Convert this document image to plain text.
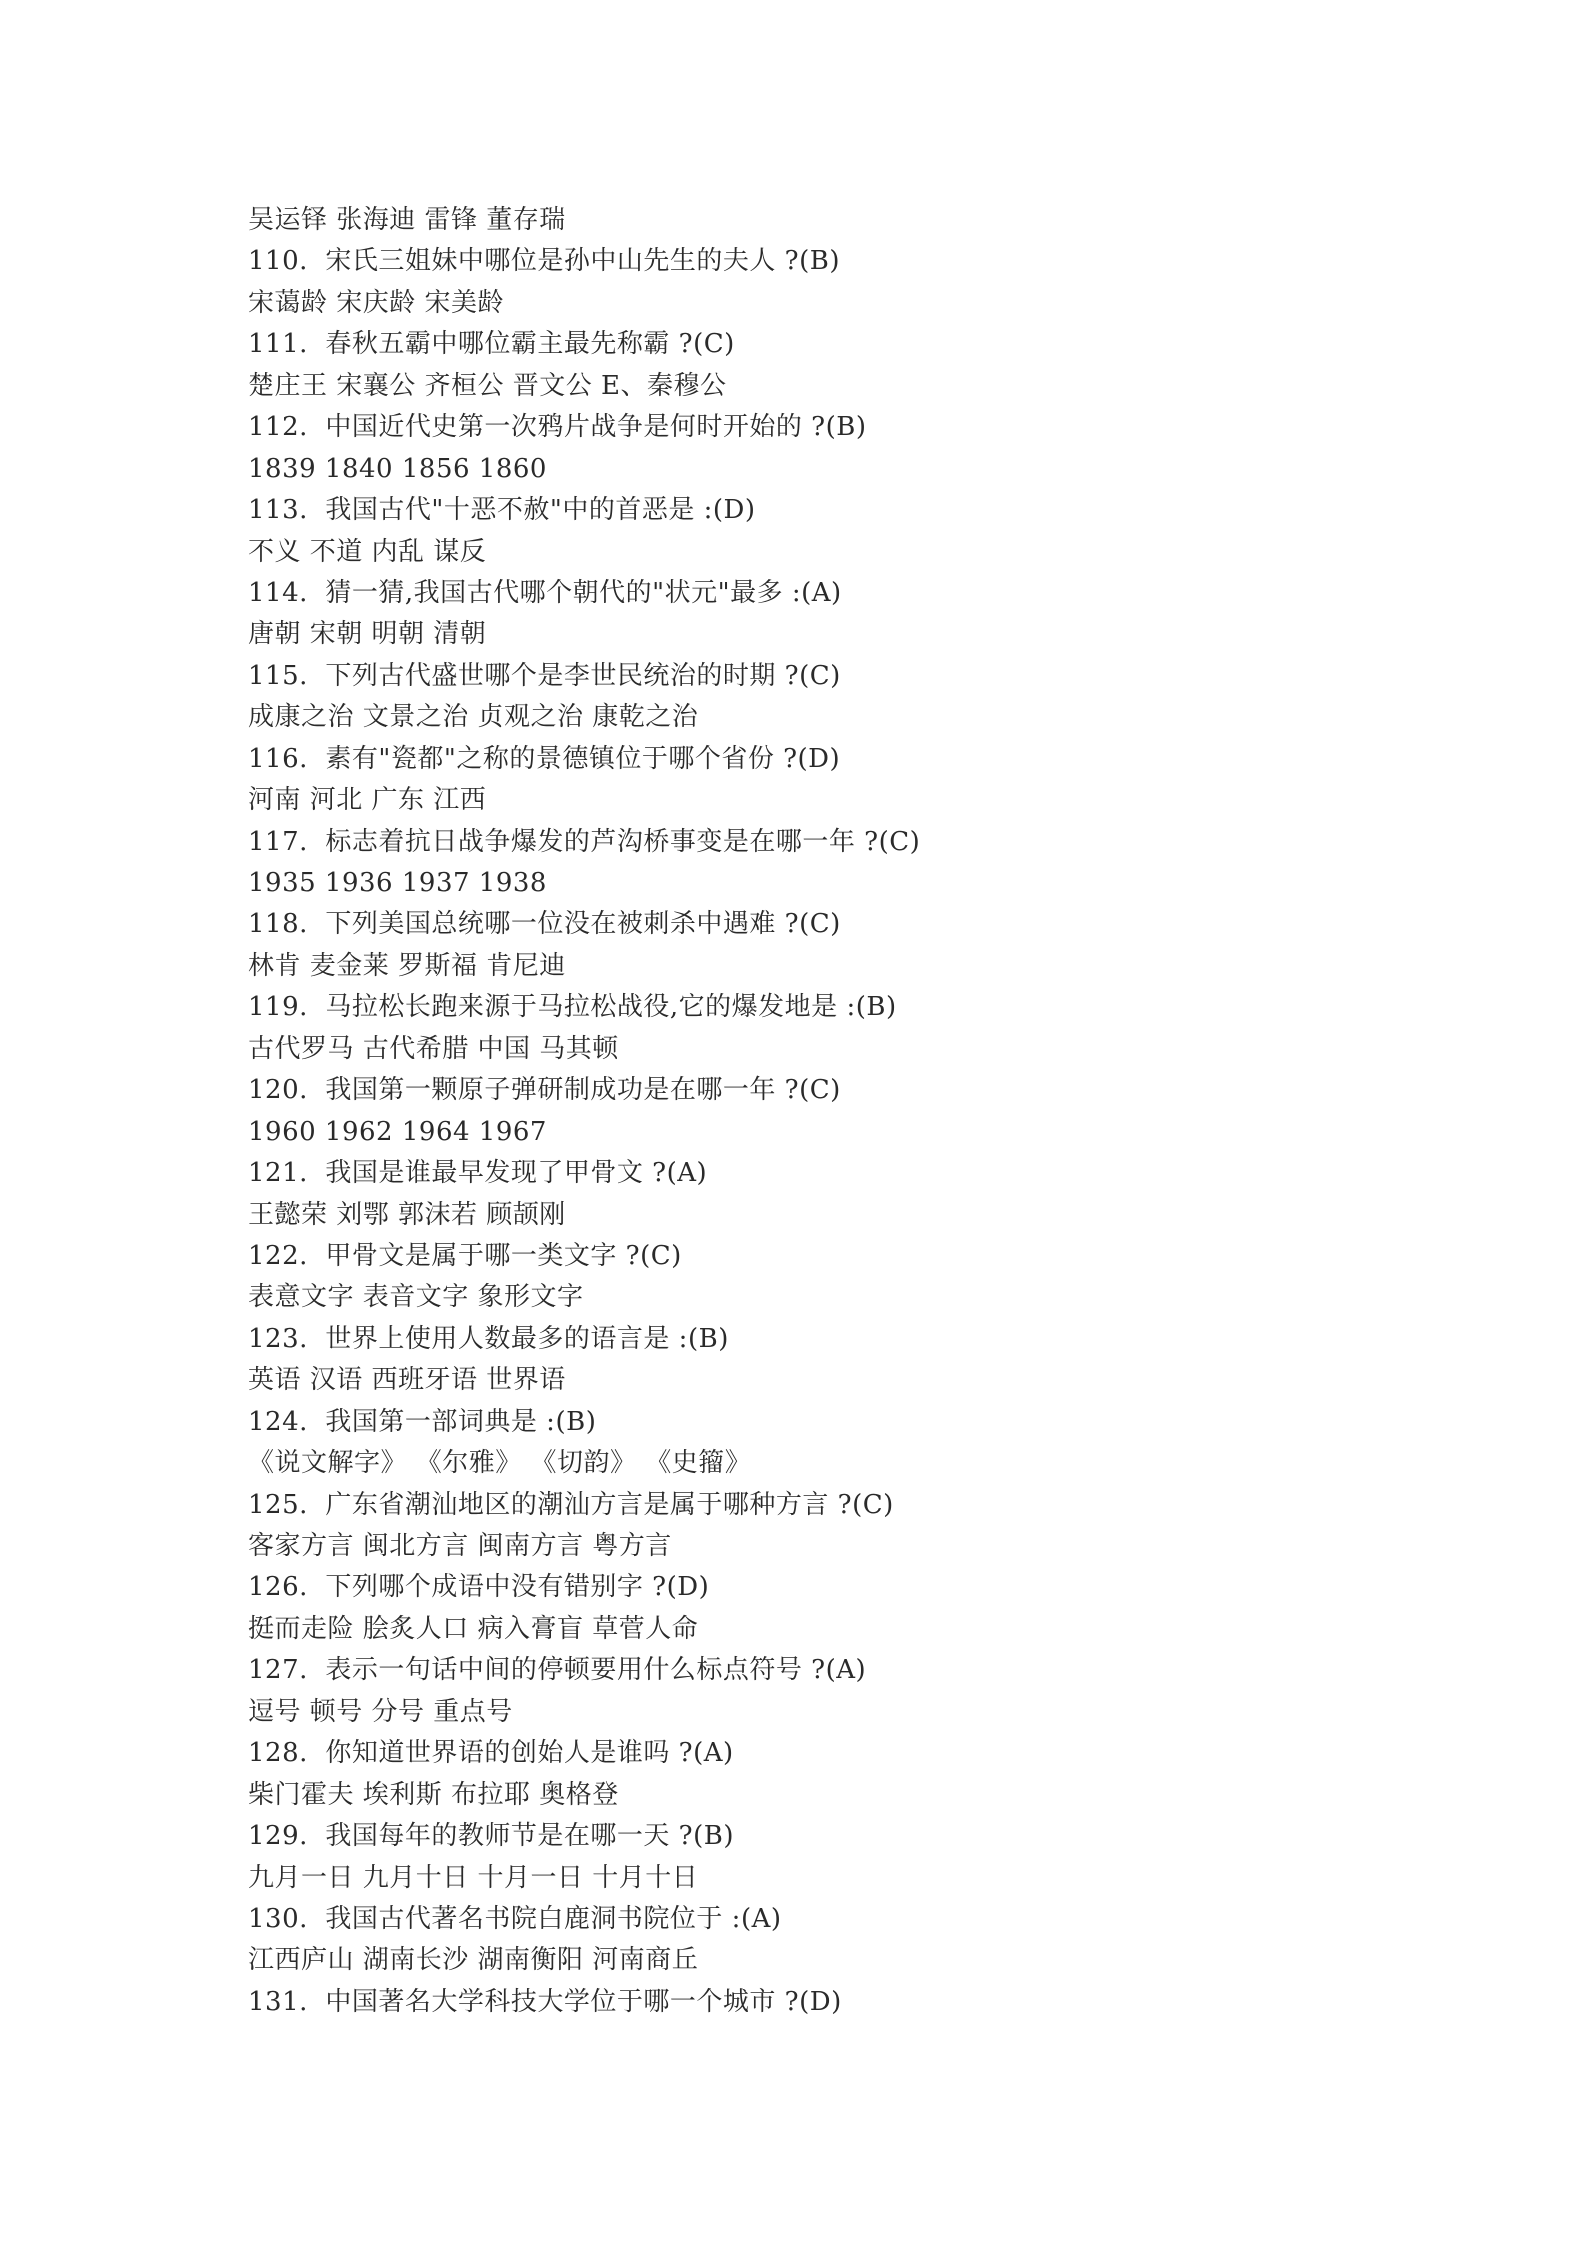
吴运铎 张海迪 雷锋 董存瑞
110.  宋氏三姐妹中哪位是孙中山先生的夫人 ?(B)
宋蔼龄 宋庆龄 宋美龄
111.  春秋五霸中哪位霸主最先称霸 ?(C)
楚庄王 宋襄公 齐桓公 晋文公 E、秦穆公
112.  中国近代史第一次鸦片战争是何时开始的 ?(B)
1839 1840 1856 1860
113.  我国古代"十恶不赦"中的首恶是 :(D)
不义 不道 内乱 谋反
114.  猜一猜,我国古代哪个朝代的"状元"最多 :(A)
唐朝 宋朝 明朝 清朝
115.  下列古代盛世哪个是李世民统治的时期 ?(C)
成康之治 文景之治 贞观之治 康乾之治
116.  素有"瓷都"之称的景德镇位于哪个省份 ?(D)
河南 河北 广东 江西
117.  标志着抗日战争爆发的芦沟桥事变是在哪一年 ?(C)
1935 1936 1937 1938
118.  下列美国总统哪一位没在被刺杀中遇难 ?(C)
林肯 麦金莱 罗斯福 肯尼迪
119.  马拉松长跑来源于马拉松战役,它的爆发地是 :(B)
古代罗马 古代希腊 中国 马其顿
120.  我国第一颗原子弹研制成功是在哪一年 ?(C)
1960 1962 1964 1967
121.  我国是谁最早发现了甲骨文 ?(A)
王懿荣 刘鄂 郭沫若 顾颉刚
122.  甲骨文是属于哪一类文字 ?(C)
表意文字 表音文字 象形文字
123.  世界上使用人数最多的语言是 :(B)
英语 汉语 西班牙语 世界语
124.  我国第一部词典是 :(B)
《说文解字》 《尔雅》 《切韵》 《史籀》
125.  广东省潮汕地区的潮汕方言是属于哪种方言 ?(C)
客家方言 闽北方言 闽南方言 粤方言
126.  下列哪个成语中没有错别字 ?(D)
挺而走险 脍炙人口 病入膏盲 草菅人命
127.  表示一句话中间的停顿要用什么标点符号 ?(A)
逗号 顿号 分号 重点号
128.  你知道世界语的创始人是谁吗 ?(A)
柴门霍夫 埃利斯 布拉耶 奥格登
129.  我国每年的教师节是在哪一天 ?(B)
九月一日 九月十日 十月一日 十月十日
130.  我国古代著名书院白鹿洞书院位于 :(A)
江西庐山 湖南长沙 湖南衡阳 河南商丘
131.  中国著名大学科技大学位于哪一个城市 ?(D)
